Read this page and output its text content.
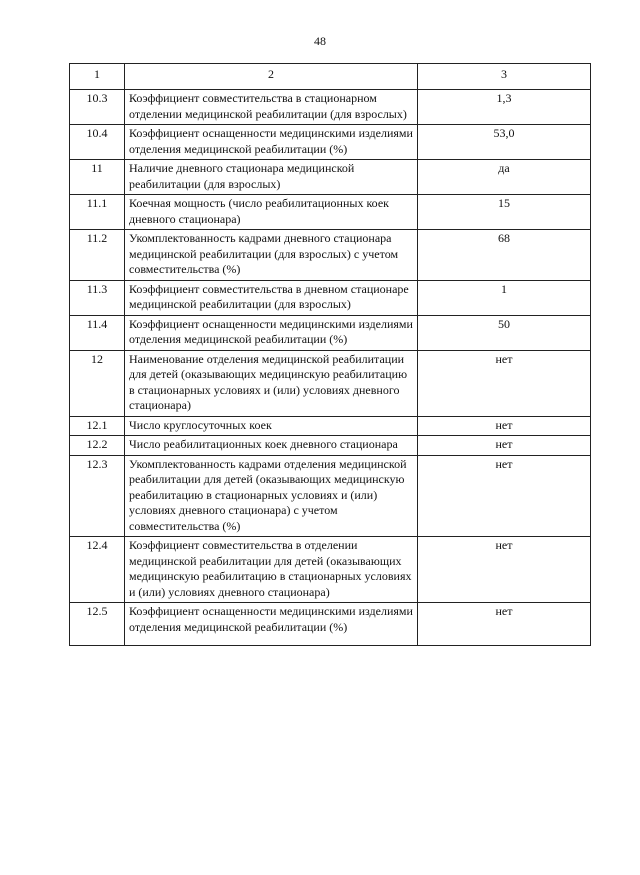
48
1	2	3
10.3	Коэффициент совместительства в стационарном отделении медицинской реабилитации (для взрослых)	1,3
10.4	Коэффициент оснащенности медицинскими изделиями отделения медицинской реабилитации (%)	53,0
11	Наличие дневного стационара медицинской реабилитации (для взрослых)	да
11.1	Коечная мощность (число реабилитационных коек дневного стационара)	15
11.2	Укомплектованность кадрами дневного стационара медицинской реабилитации (для взрослых) с учетом совместительства (%)	68
11.3	Коэффициент совместительства в дневном стационаре медицинской реабилитации (для взрослых)	1
11.4	Коэффициент оснащенности медицинскими изделиями отделения медицинской реабилитации (%)	50
12	Наименование отделения медицинской реабилитации для детей (оказывающих медицинскую реабилитацию в стационарных условиях и (или) условиях дневного стационара)	нет
12.1	Число круглосуточных коек	нет
12.2	Число реабилитационных коек дневного стационара	нет
12.3	Укомплектованность кадрами отделения медицинской реабилитации для детей (оказывающих медицинскую реабилитацию в стационарных условиях и (или) условиях дневного стационара) с учетом совместительства (%)	нет
12.4	Коэффициент совместительства в отделении медицинской реабилитации для детей (оказывающих медицинскую реабилитацию в стационарных условиях и (или) условиях дневного стационара)	нет
12.5	Коэффициент оснащенности медицинскими изделиями отделения медицинской реабилитации (%)	нет
